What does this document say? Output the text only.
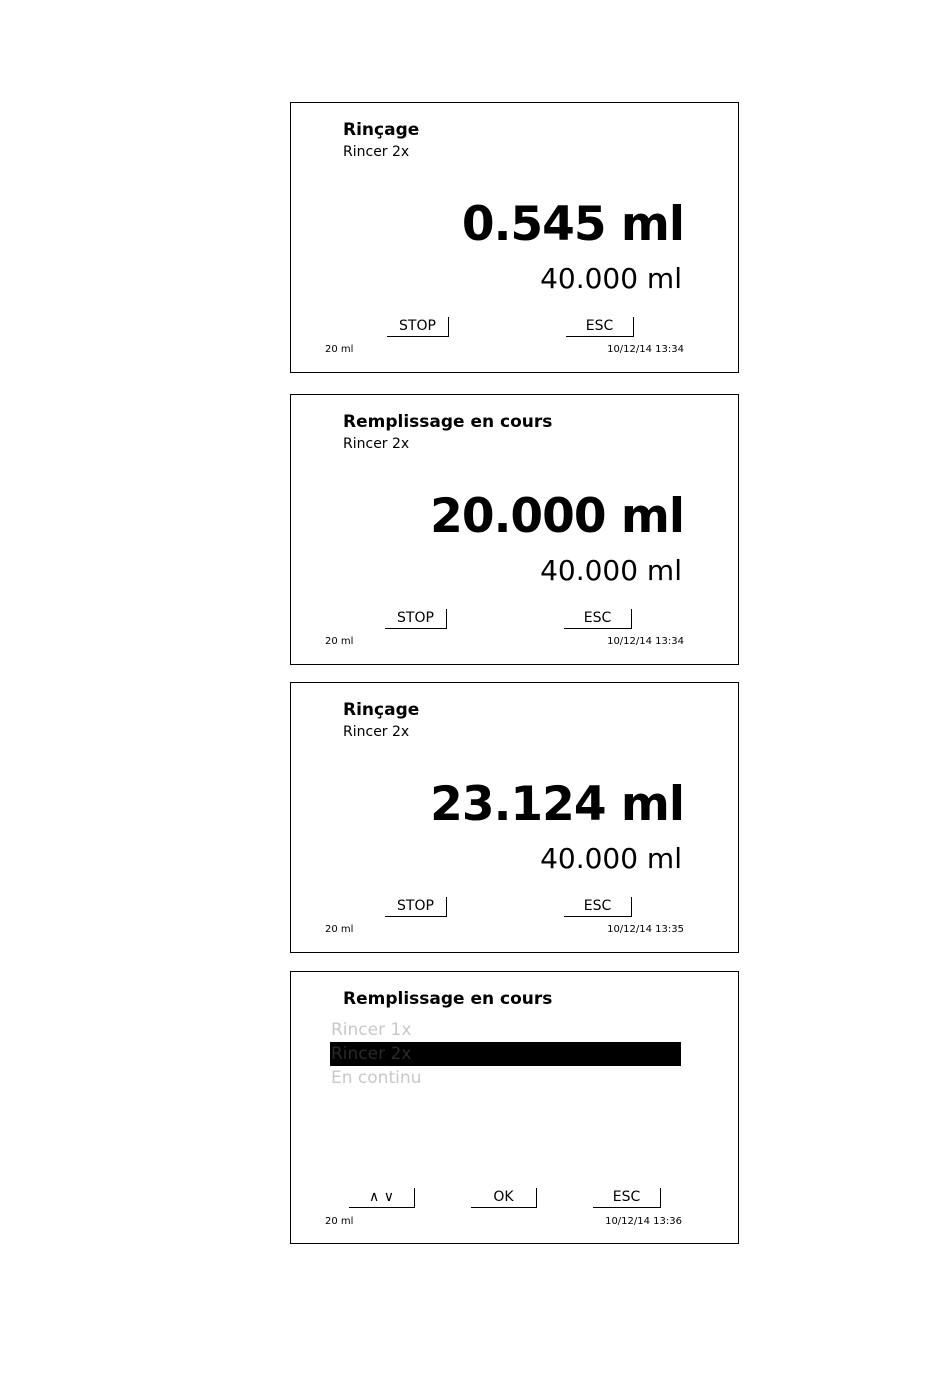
Rinçage
Rincer 2x
0.545 ml
40.000 ml
STOP	ESC
20 ml	10/12/14 13:34
Remplissage en cours
Rincer 2x
20.000 ml
40.000 ml
STOP	ESC
20 ml	10/12/14 13:34
Rinçage
Rincer 2x
23.124 ml
40.000 ml
STOP	ESC
20 ml	10/12/14 13:35
Remplissage en cours
Rincer 1x
Rincer 2x
En continu
∧ ∨	OK	ESC
20 ml	10/12/14 13:36
